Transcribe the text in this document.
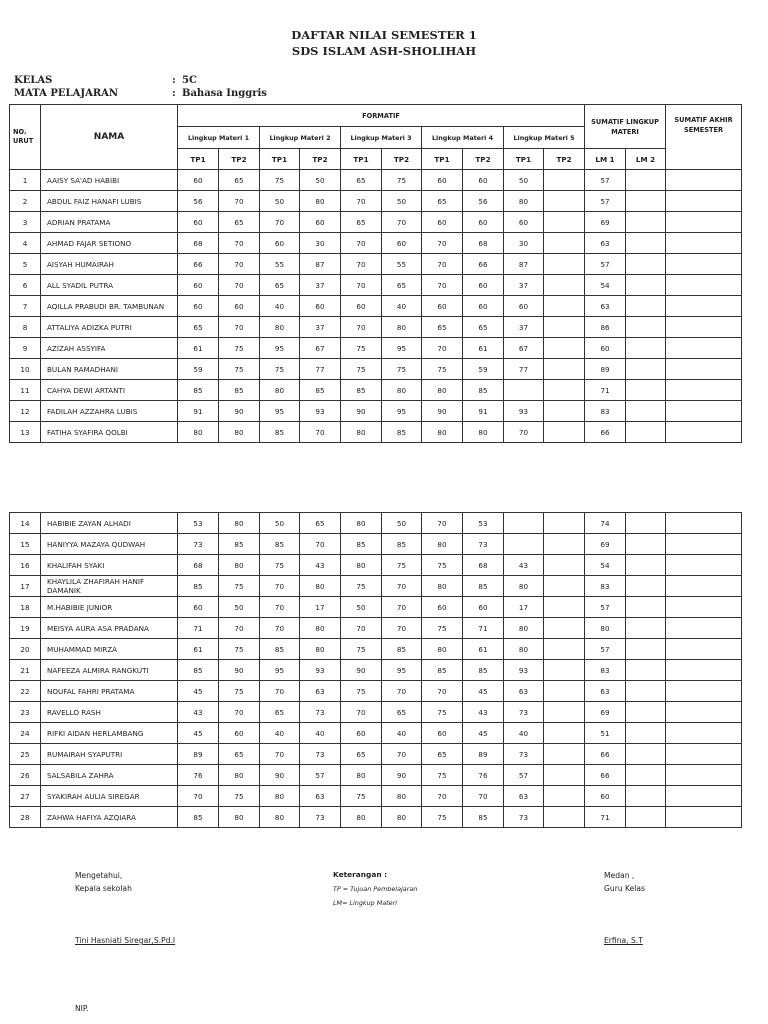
DAFTAR NILAI SEMESTER 1
SDS ISLAM ASH-SHOLIHAH
KELAS	: 5C
MATA PELAJARAN	: Bahasa Inggris
NO. URUT	NAMA	FORMATIF										SUMATIF LINGKUP MATERI		SUMATIF AKHIR SEMESTER

		Lingkup Materi 1		Lingkup Materi 2		Lingkup Materi 3		Lingkup Materi 4		Lingkup Materi 5				
		TP1	TP2	TP1	TP2	TP1	TP2	TP1	TP2	TP1	TP2	LM 1	LM 2	
1	AAISY SA'AD HABIBI	60	65	75	50	65	75	60	60	50		57		
2	ABDUL FAIZ HANAFI LUBIS	56	70	50	80	70	50	65	56	80		57		
3	ADRIAN PRATAMA	60	65	70	60	65	70	60	60	60		69		
4	AHMAD FAJAR SETIONO	68	70	60	30	70	60	70	68	30		63		
5	AISYAH HUMAIRAH	66	70	55	87	70	55	70	66	87		57		
6	ALL SYADIL PUTRA	60	70	65	37	70	65	70	60	37		54		
7	AQILLA PRABUDI BR. TAMBUNAN	60	60	40	60	60	40	60	60	60		63		
8	ATTALIYA ADIZKA PUTRI	65	70	80	37	70	80	65	65	37		86		
9	AZIZAH ASSYIFA	61	75	95	67	75	95	70	61	67		60		
10	BULAN RAMADHANI	59	75	75	77	75	75	75	59	77		89		
11	CAHYA DEWI ARTANTI	85	85	80	85	85	80	80	85			71		
12	FADILAH AZZAHRA LUBIS	91	90	95	93	90	95	90	91	93		83		
13	FATIHA SYAFIRA QOLBI	80	80	85	70	80	85	80	80	70		66		
14	HABIBIE ZAYAN ALHADI	53	80	50	65	80	50	70	53			74		
15	HANIYYA MAZAYA QUDWAH	73	85	85	70	85	85	80	73			69		
16	KHALIFAH SYAKI	68	80	75	43	80	75	75	68	43		54		
17	KHAYLILA ZHAFIRAH HANIF DAMANIK	85	75	70	80	75	70	80	85	80		83		
18	M.HABIBIE JUNIOR	60	50	70	17	50	70	60	60	17		57		
19	MEISYA AURA ASA PRADANA	71	70	70	80	70	70	75	71	80		80		
20	MUHAMMAD MIRZA	61	75	85	80	75	85	80	61	80		57		
21	NAFEEZA ALMIRA RANGKUTI	85	90	95	93	90	95	85	85	93		83		
22	NOUFAL FAHRI PRATAMA	45	75	70	63	75	70	70	45	63		63		
23	RAVELLO RASH	43	70	65	73	70	65	75	43	73		69		
24	RIFKI AIDAN HERLAMBANG	45	60	40	40	60	40	60	45	40		51		
25	RUMAIRAH SYAPUTRI	89	65	70	73	65	70	65	89	73		66		
26	SALSABILA ZAHRA	76	80	90	57	80	90	75	76	57		66		
27	SYAKIRAH AULIA SIREGAR	70	75	80	63	75	80	70	70	63		60		
28	ZAHWA HAFIYA AZQIARA	85	80	80	73	80	80	75	85	73		71		
Mengetahui,
Kepala sekolah
Tini Hasniati Siregar,S.Pd.I
NIP.
Keterangan :
TP = Tujuan Pembelajaran
LM= Lingkup Materi
Medan ,
Guru Kelas
Erfina, S.T
